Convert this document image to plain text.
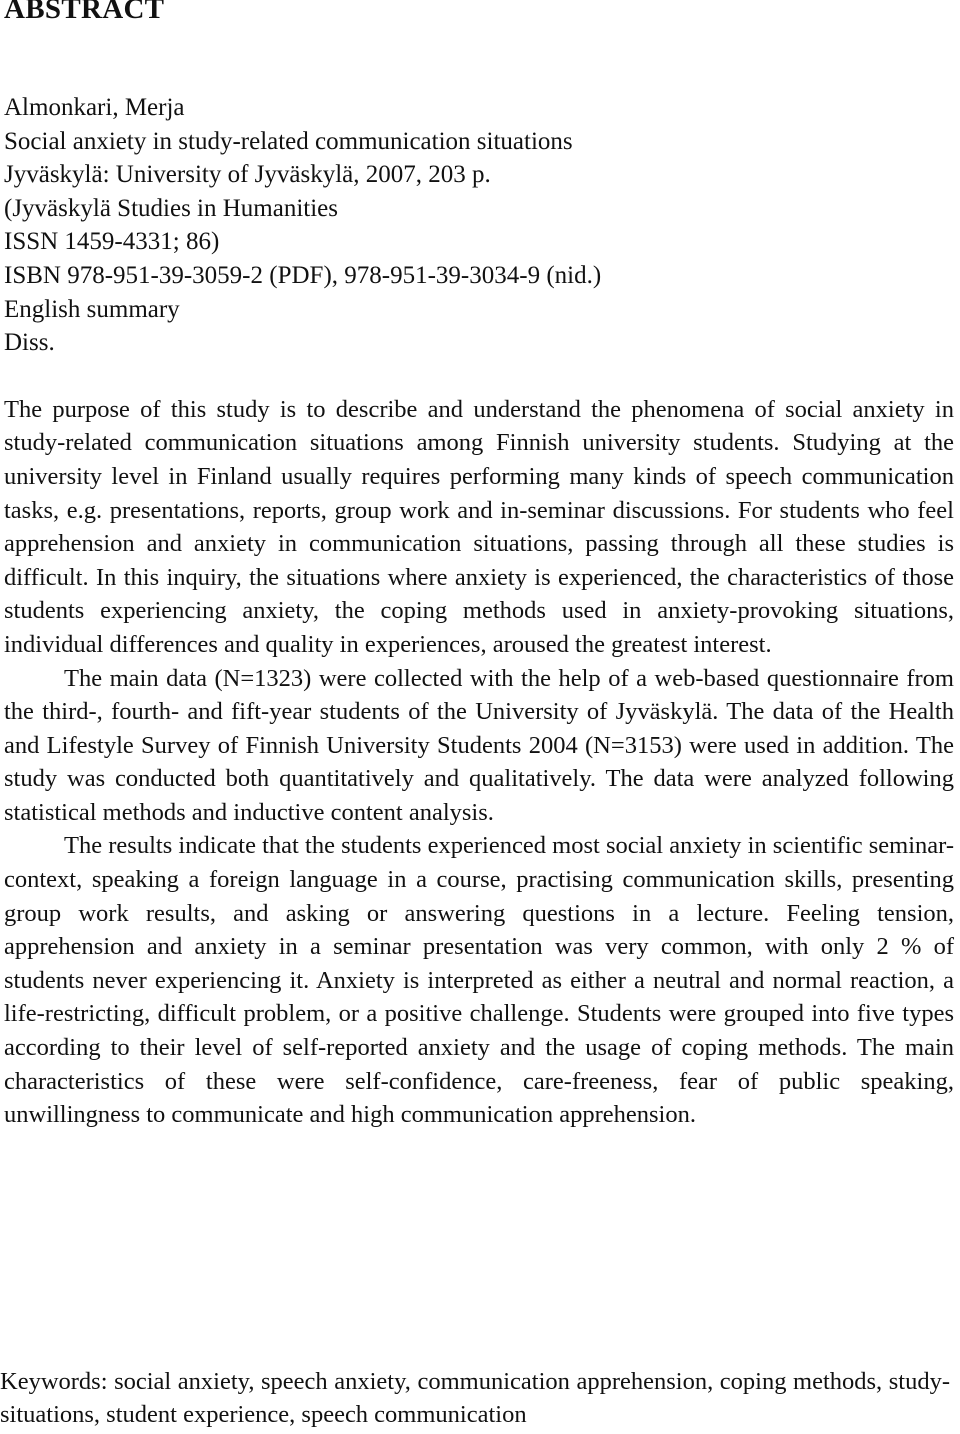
ABSTRACT
Almonkari, Merja
Social anxiety in study-related communication situations
Jyväskylä: University of Jyväskylä, 2007, 203 p.
(Jyväskylä Studies in Humanities
ISSN 1459-4331; 86)
ISBN 978-951-39-3059-2 (PDF), 978-951-39-3034-9 (nid.)
English summary
Diss.

The purpose of this study is to describe and understand the phenomena of social anxiety in study-related communication situations among Finnish university students. Studying at the university level in Finland usually requires performing many kinds of speech communication tasks, e.g. presentations, reports, group work and in-seminar discussions. For students who feel apprehension and anxiety in communication situations, passing through all these studies is difficult. In this inquiry, the situations where anxiety is experienced, the characteristics of those students experiencing anxiety, the coping methods used in anxiety-provoking situations, individual differences and quality in experiences, aroused the greatest interest.

The main data (N=1323) were collected with the help of a web-based questionnaire from the third-, fourth- and fift-year students of the University of Jyväskylä. The data of the Health and Lifestyle Survey of Finnish University Students 2004 (N=3153) were used in addition. The study was conducted both quantitatively and qualitatively. The data were analyzed following statistical methods and inductive content analysis.

The results indicate that the students experienced most social anxiety in scientific seminar-context, speaking a foreign language in a course, practising communication skills, presenting group work results, and asking or answering questions in a lecture. Feeling tension, apprehension and anxiety in a seminar presentation was very common, with only 2 % of students never experiencing it. Anxiety is interpreted as either a neutral and normal reaction, a life-restricting, difficult problem, or a positive challenge. Students were grouped into five types according to their level of self-reported anxiety and the usage of coping methods. The main characteristics of these were self-confidence, care-freeness, fear of public speaking, unwillingness to communicate and high communication apprehension.

Keywords: social anxiety, speech anxiety, communication apprehension, coping methods, study-situations, student experience, speech communication
